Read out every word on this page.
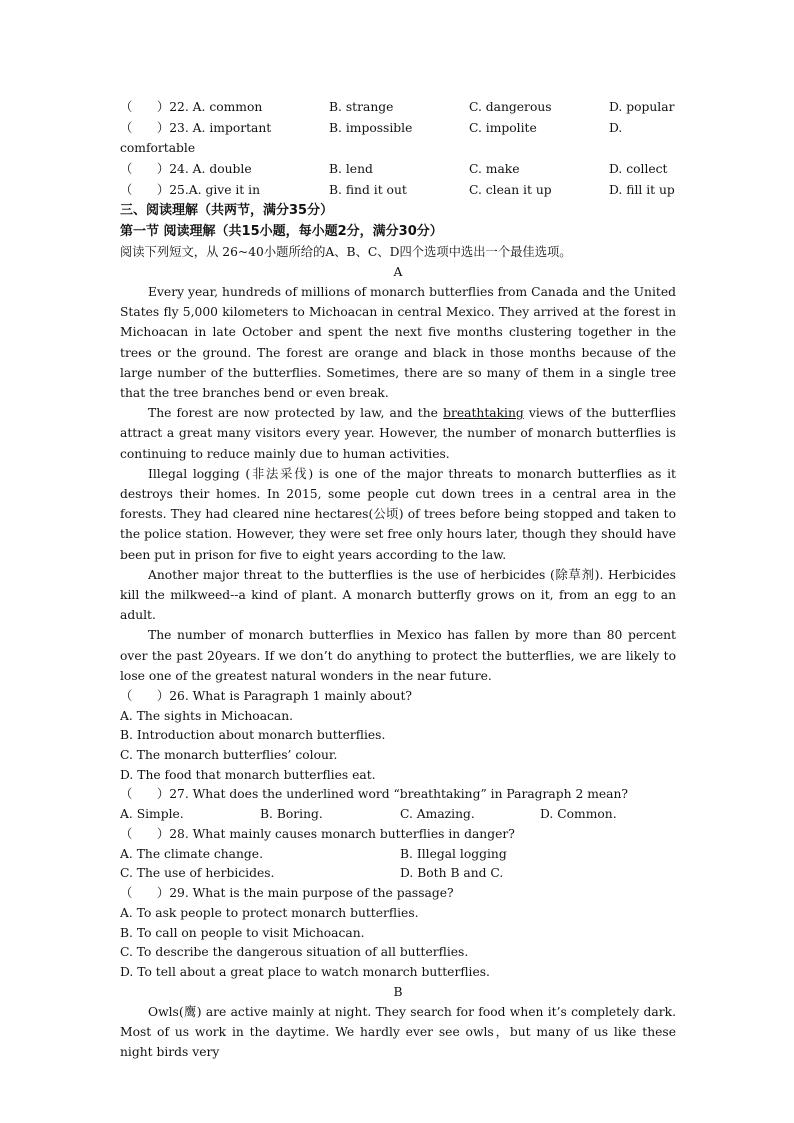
（　　）22. A. common	B. strange	C. dangerous	D. popular
（　　）23. A. important	B. impossible	C. impolite	D.
comfortable
（　　）24. A. double	B. lend	C. make	D. collect
（　　）25.A. give it in	B. find it out	C. clean it up	D. fill it up
三、阅读理解（共两节，满分35分）
第一节 阅读理解（共15小题，每小题2分，满分30分）
阅读下列短文，从 26~40小题所给的A、B、C、D四个选项中选出一个最佳选项。
A

Every year, hundreds of millions of monarch butterflies from Canada and the United States fly 5,000 kilometers to Michoacan in central Mexico. They arrived at the forest in Michoacan in late October and spent the next five months clustering together in the trees or the ground. The forest are orange and black in those months because of the large number of the butterflies. Sometimes, there are so many of them in a single tree that the tree branches bend or even break.

The forest are now protected by law, and the breathtaking views of the butterflies attract a great many visitors every year. However, the number of monarch butterflies is continuing to reduce mainly due to human activities.

Illegal logging (非法采伐) is one of the major threats to monarch butterflies as it destroys their homes. In 2015, some people cut down trees in a central area in the forests. They had cleared nine hectares(公顷) of trees before being stopped and taken to the police station. However, they were set free only hours later, though they should have been put in prison for five to eight years according to the law.

Another major threat to the butterflies is the use of herbicides (除草剂). Herbicides kill the milkweed--a kind of plant. A monarch butterfly grows on it, from an egg to an adult.

The number of monarch butterflies in Mexico has fallen by more than 80 percent over the past 20years. If we don’t do anything to protect the butterflies, we are likely to lose one of the greatest natural wonders in the near future.

（　　）26. What is Paragraph 1 mainly about?
A. The sights in Michoacan.
B. Introduction about monarch butterflies.
C. The monarch butterflies’ colour.
D. The food that monarch butterflies eat.
（　　）27. What does the underlined word “breathtaking” in Paragraph 2 mean?
A. Simple.	B. Boring.	C. Amazing.	D. Common.
（　　）28. What mainly causes monarch butterflies in danger?
A. The climate change.	B. Illegal logging
C. The use of herbicides.	D. Both B and C.
（　　）29. What is the main purpose of the passage?
A. To ask people to protect monarch butterflies.
B. To call on people to visit Michoacan.
C. To describe the dangerous situation of all butterflies.
D. To tell about a great place to watch monarch butterflies.
B

Owls(鹰) are active mainly at night. They search for food when it’s completely dark. Most of us work in the daytime. We hardly ever see owls，but many of us like these night birds very
